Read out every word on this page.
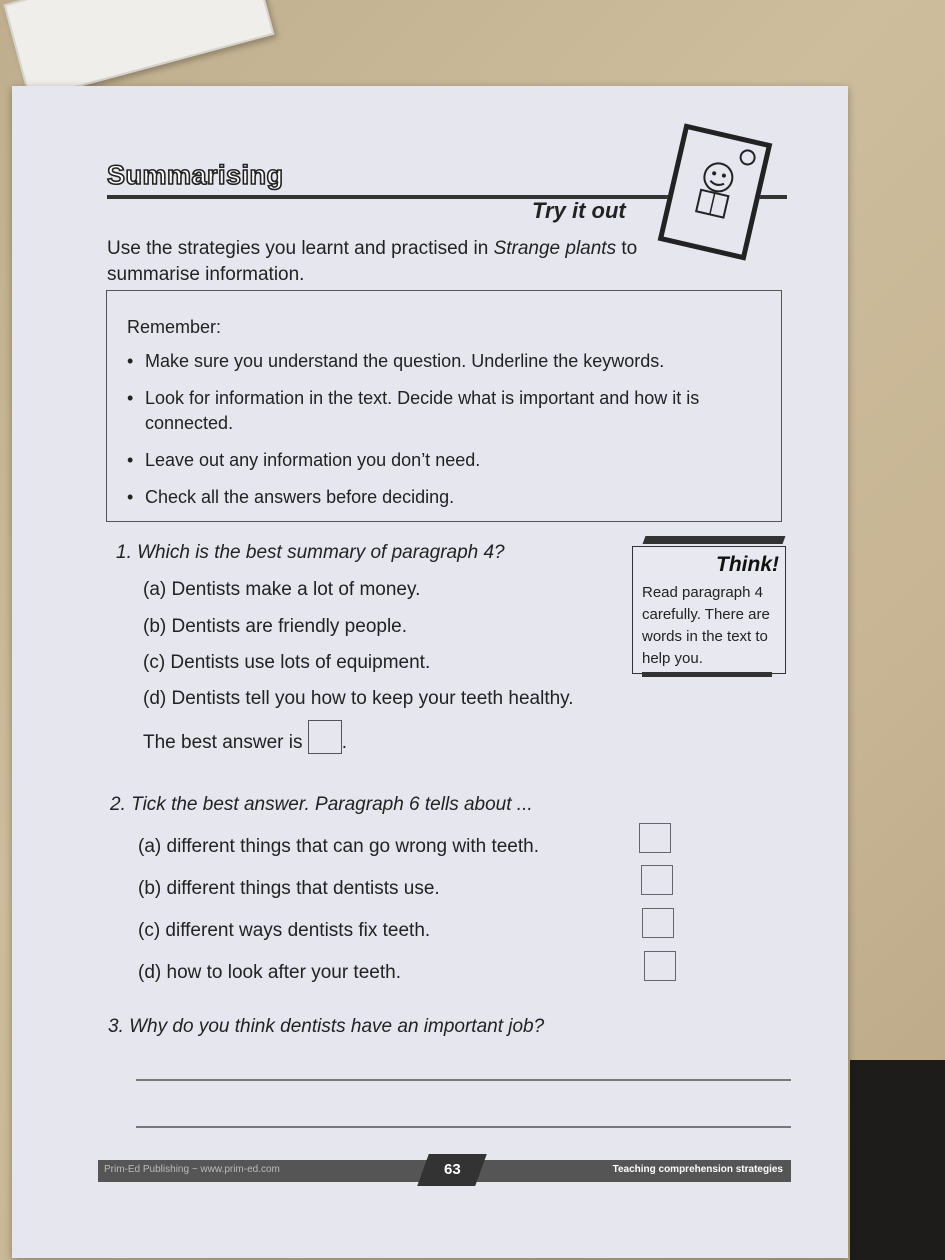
Summarising
Try it out
Use the strategies you learnt and practised in Strange plants to summarise information.
Remember:
• Make sure you understand the question. Underline the keywords.
• Look for information in the text. Decide what is important and how it is connected.
• Leave out any information you don’t need.
• Check all the answers before deciding.
1. Which is the best summary of paragraph 4?
(a) Dentists make a lot of money.
(b) Dentists are friendly people.
(c) Dentists use lots of equipment.
(d) Dentists tell you how to keep your teeth healthy.
The best answer is .
Think!
Read paragraph 4 carefully. There are words in the text to help you.
2. Tick the best answer. Paragraph 6 tells about ...
(a) different things that can go wrong with teeth.
(b) different things that dentists use.
(c) different ways dentists fix teeth.
(d) how to look after your teeth.
3. Why do you think dentists have an important job?
Prim-Ed Publishing ~ www.prim-ed.com	63	Teaching comprehension strategies
